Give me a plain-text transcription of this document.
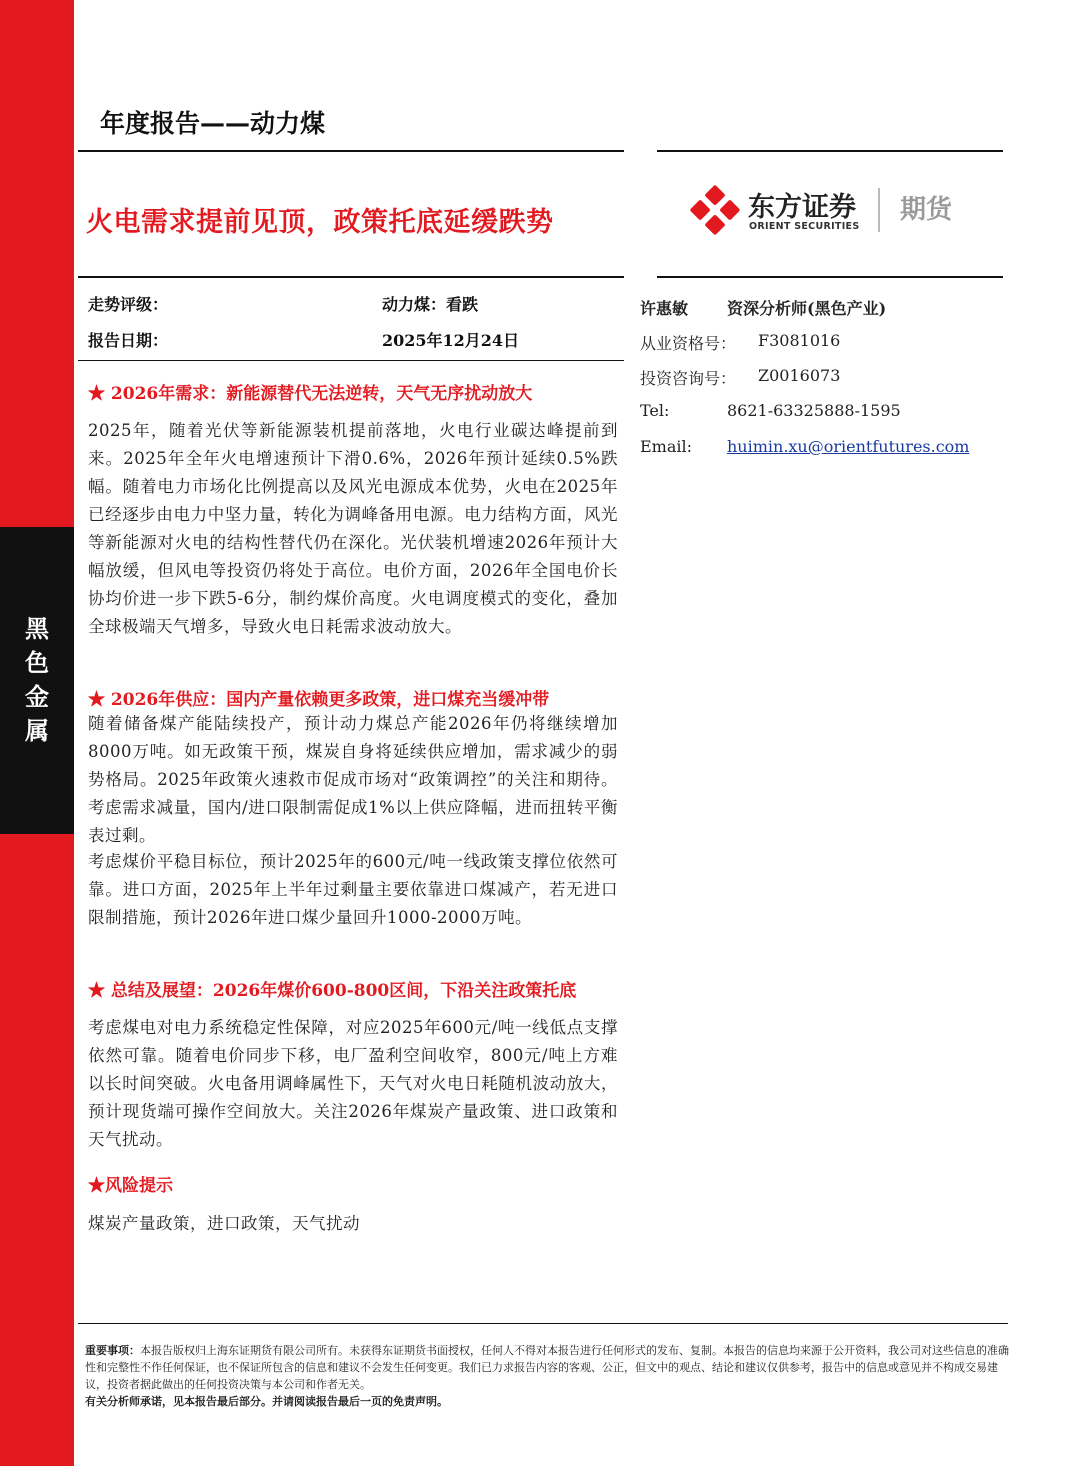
黑
色
金
属
年度报告——动力煤
火电需求提前见顶，政策托底延缓跌势	东方证券
ORIENT SECURITIES
期货
走势评级：	动力煤：看跌
报告日期：	2025年12月24日
许惠敏 资深分析师(黑色产业)
从业资格号： F3081016
投资咨询号： Z0016073
Tel:	8621-63325888-1595
Email: huimin.xu@orientfutures.com
★ 2026年需求：新能源替代无法逆转，天气无序扰动放大
2025年，随着光伏等新能源装机提前落地，火电行业碳达峰提前到来。2025年全年火电增速预计下滑0.6%，2026年预计延续0.5%跌幅。随着电力市场化比例提高以及风光电源成本优势，火电在2025年已经逐步由电力中坚力量，转化为调峰备用电源。电力结构方面，风光等新能源对火电的结构性替代仍在深化。光伏装机增速2026年预计大幅放缓，但风电等投资仍将处于高位。电价方面，2026年全国电价长协均价进一步下跌5-6分，制约煤价高度。火电调度模式的变化，叠加全球极端天气增多，导致火电日耗需求波动放大。
★ 2026年供应：国内产量依赖更多政策，进口煤充当缓冲带
随着储备煤产能陆续投产，预计动力煤总产能2026年仍将继续增加8000万吨。如无政策干预，煤炭自身将延续供应增加，需求减少的弱势格局。2025年政策火速救市促成市场对“政策调控”的关注和期待。考虑需求减量，国内/进口限制需促成1%以上供应降幅，进而扭转平衡表过剩。
考虑煤价平稳目标位，预计2025年的600元/吨一线政策支撑位依然可靠。进口方面，2025年上半年过剩量主要依靠进口煤减产，若无进口限制措施，预计2026年进口煤少量回升1000-2000万吨。
★ 总结及展望：2026年煤价600-800区间，下沿关注政策托底
考虑煤电对电力系统稳定性保障，对应2025年600元/吨一线低点支撑依然可靠。随着电价同步下移，电厂盈利空间收窄，800元/吨上方难以长时间突破。火电备用调峰属性下，天气对火电日耗随机波动放大，预计现货端可操作空间放大。关注2026年煤炭产量政策、进口政策和天气扰动。
★风险提示
煤炭产量政策，进口政策，天气扰动
重要事项：本报告版权归上海东证期货有限公司所有。未获得东证期货书面授权，任何人不得对本报告进行任何形式的发布、复制。本报告的信息均来源于公开资料，我公司对这些信息的准确性和完整性不作任何保证，也不保证所包含的信息和建议不会发生任何变更。我们已力求报告内容的客观、公正，但文中的观点、结论和建议仅供参考，报告中的信息或意见并不构成交易建议，投资者据此做出的任何投资决策与本公司和作者无关。
有关分析师承诺，见本报告最后部分。并请阅读报告最后一页的免责声明。
